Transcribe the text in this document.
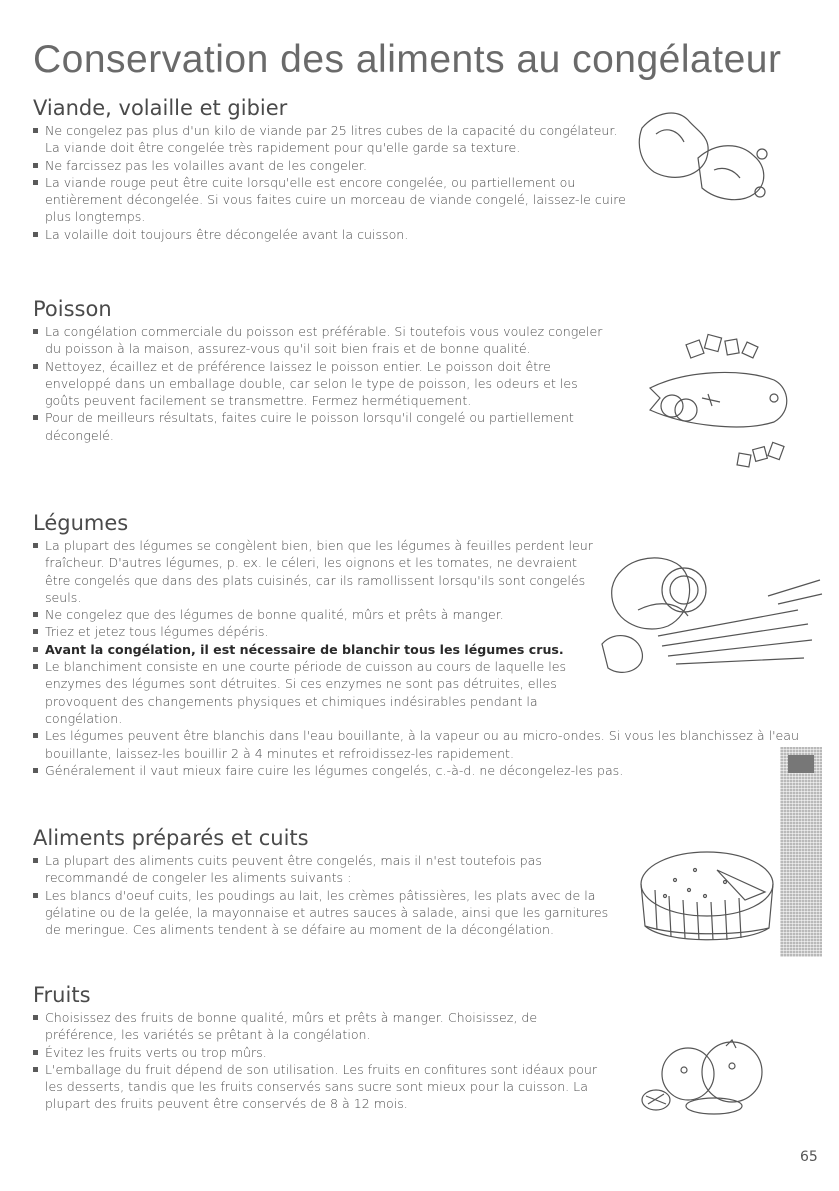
Conservation des aliments au congélateur
Viande, volaille et gibier
Ne congelez pas plus d'un kilo de viande par 25 litres cubes de la capacité du congélateur. La viande doit être congelée très rapidement pour qu'elle garde sa texture.
Ne farcissez pas les volailles avant de les congeler.
La viande rouge peut être cuite lorsqu'elle est encore congelée, ou partiellement ou entièrement décongelée. Si vous faites cuire un morceau de viande congelé, laissez-le cuire plus longtemps.
La volaille doit toujours être décongelée avant la cuisson.
Poisson
La congélation commerciale du poisson est préférable. Si toutefois vous voulez congeler du poisson à la maison, assurez-vous qu'il soit bien frais et de bonne qualité.
Nettoyez, écaillez et de préférence laissez le poisson entier. Le poisson doit être enveloppé dans un emballage double, car selon le type de poisson, les odeurs et les goûts peuvent facilement se transmettre. Fermez hermétiquement.
Pour de meilleurs résultats, faites cuire le poisson lorsqu'il congelé ou partiellement décongelé.
Légumes
La plupart des légumes se congèlent bien, bien que les légumes à feuilles perdent leur fraîcheur. D'autres légumes, p. ex. le céleri, les oignons et les tomates, ne devraient être congelés que dans des plats cuisinés, car ils ramollissent lorsqu'ils sont congelés seuls.
Ne congelez que des légumes de bonne qualité, mûrs et prêts à manger.
Triez et jetez tous légumes dépéris.
Avant la congélation, il est nécessaire de blanchir tous les légumes crus.
Le blanchiment consiste en une courte période de cuisson au cours de laquelle les enzymes des légumes sont détruites. Si ces enzymes ne sont pas détruites, elles provoquent des changements physiques et chimiques indésirables pendant la congélation.
Les légumes peuvent être blanchis dans l'eau bouillante, à la vapeur ou au micro-ondes. Si vous les blanchissez à l'eau bouillante, laissez-les bouillir 2 à 4 minutes et refroidissez-les rapidement.
Généralement il vaut mieux faire cuire les légumes congelés, c.-à-d. ne décongelez-les pas.
Aliments préparés et cuits
La plupart des aliments cuits peuvent être congelés, mais il n'est toutefois pas recommandé de congeler les aliments suivants :
Les blancs d'oeuf cuits, les poudings au lait, les crèmes pâtissières, les plats avec de la gélatine ou de la gelée, la mayonnaise et autres sauces à salade, ainsi que les garnitures de meringue. Ces aliments tendent à se défaire au moment de la décongélation.
Fruits
Choisissez des fruits de bonne qualité, mûrs et prêts à manger. Choisissez, de préférence, les variétés se prêtant à la congélation.
Évitez les fruits verts ou trop mûrs.
L'emballage du fruit dépend de son utilisation. Les fruits en confitures sont idéaux pour les desserts, tandis que les fruits conservés sans sucre sont mieux pour la cuisson. La plupart des fruits peuvent être conservés de 8 à 12 mois.
65
